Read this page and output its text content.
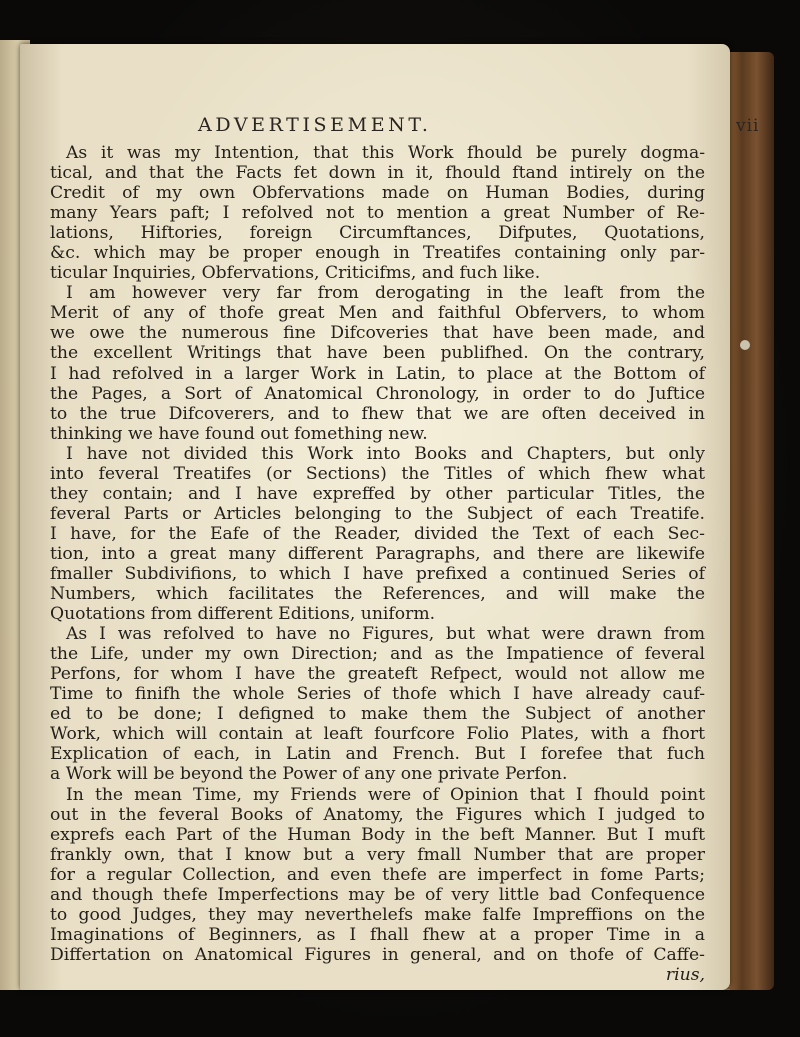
ADVERTISEMENT.	vii
As it was my Intention, that this Work fhould be purely dogma-
tical, and that the Facts fet down in it, fhould ftand intirely on the
Credit of my own Obfervations made on Human Bodies, during
many Years paft; I refolved not to mention a great Number of Re-
lations, Hiftories, foreign Circumftances, Difputes, Quotations,
&c. which may be proper enough in Treatifes containing only par-
ticular Inquiries, Obfervations, Criticifms, and fuch like.
I am however very far from derogating in the leaft from the
Merit of any of thofe great Men and faithful Obfervers, to whom
we owe the numerous fine Difcoveries that have been made, and
the excellent Writings that have been publifhed. On the contrary,
I had refolved in a larger Work in Latin, to place at the Bottom of
the Pages, a Sort of Anatomical Chronology, in order to do Juftice
to the true Difcoverers, and to fhew that we are often deceived in
thinking we have found out fomething new.
I have not divided this Work into Books and Chapters, but only
into feveral Treatifes (or Sections) the Titles of which fhew what
they contain; and I have expreffed by other particular Titles, the
feveral Parts or Articles belonging to the Subject of each Treatife.
I have, for the Eafe of the Reader, divided the Text of each Sec-
tion, into a great many different Paragraphs, and there are likewife
fmaller Subdivifions, to which I have prefixed a continued Series of
Numbers, which facilitates the References, and will make the
Quotations from different Editions, uniform.
As I was refolved to have no Figures, but what were drawn from
the Life, under my own Direction; and as the Impatience of feveral
Perfons, for whom I have the greateft Refpect, would not allow me
Time to finifh the whole Series of thofe which I have already cauf-
ed to be done; I defigned to make them the Subject of another
Work, which will contain at leaft fourfcore Folio Plates, with a fhort
Explication of each, in Latin and French. But I forefee that fuch
a Work will be beyond the Power of any one private Perfon.
In the mean Time, my Friends were of Opinion that I fhould point
out in the feveral Books of Anatomy, the Figures which I judged to
exprefs each Part of the Human Body in the beft Manner. But I muft
frankly own, that I know but a very fmall Number that are proper
for a regular Collection, and even thefe are imperfect in fome Parts;
and though thefe Imperfections may be of very little bad Confequence
to good Judges, they may neverthelefs make falfe Impreffions on the
Imaginations of Beginners, as I fhall fhew at a proper Time in a
Differtation on Anatomical Figures in general, and on thofe of Caffe-
rius,
